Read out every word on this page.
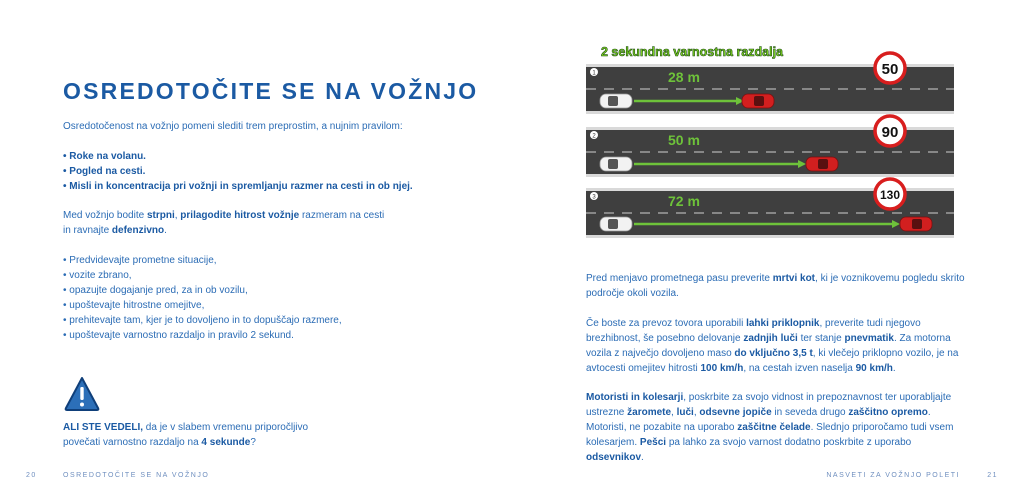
OSREDOTOČITE SE NA VOŽNJO

Osredotočenost na vožnjo pomeni slediti trem preprostim, a nujnim pravilom:

• Roke na volanu.
• Pogled na cesti.
• Misli in koncentracija pri vožnji in spremljanju razmer na cesti in ob njej.

Med vožnjo bodite strpni, prilagodite hitrost vožnje razmeram na cesti in ravnajte defenzivno.

• Predvidevajte prometne situacije,
• vozite zbrano,
• opazujte dogajanje pred, za in ob vozilu,
• upoštevajte hitrostne omejitve,
• prehitevajte tam, kjer je to dovoljeno in to dopuščajo razmere,
• upoštevajte varnostno razdaljo in pravilo 2 sekund.

ALI STE VEDELI, da je v slabem vremenu priporočljivo povečati varnostno razdaljo na 4 sekunde?

20	OSREDOTOČITE SE NA VOŽNJO
2 sekundna varnostna razdalja
1	28 m	50
2	50 m	90
3	72 m	130

Pred menjavo prometnega pasu preverite mrtvi kot, ki je voznikovemu pogledu skrito področje okoli vozila.

Če boste za prevoz tovora uporabili lahki priklopnik, preverite tudi njegovo brezhibnost, še posebno delovanje zadnjih luči ter stanje pnevmatik. Za motorna vozila z največjo dovoljeno maso do vključno 3,5 t, ki vlečejo priklopno vozilo, je na avtocesti omejitev hitrosti 100 km/h, na cestah izven naselja 90 km/h.

Motoristi in kolesarji, poskrbite za svojo vidnost in prepoznavnost ter uporabljajte ustrezne žaromete, luči, odsevne jopiče in seveda drugo zaščitno opremo. Motoristi, ne pozabite na uporabo zaščitne čelade. Slednjo priporočamo tudi vsem kolesarjem. Pešci pa lahko za svojo varnost dodatno poskrbite z uporabo odsevnikov.

NASVETI ZA VOŽNJO POLETI	21
